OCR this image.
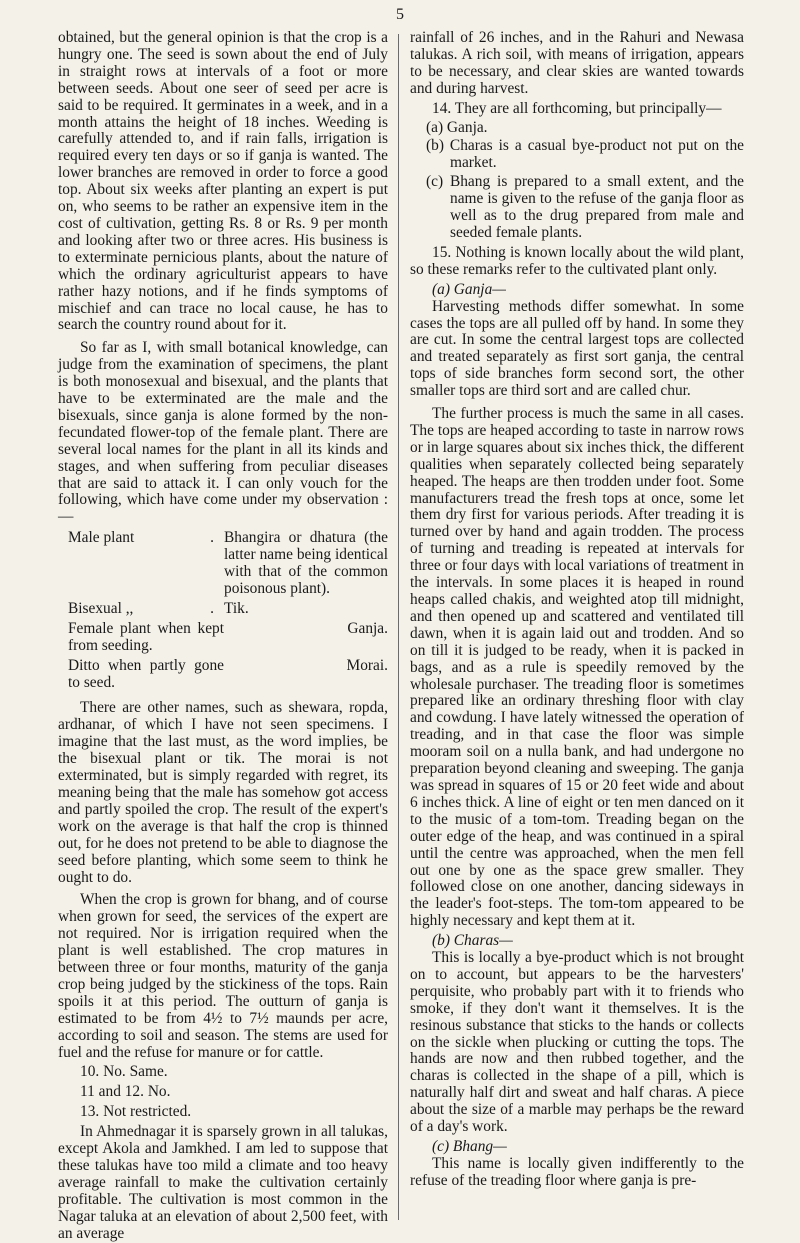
5

obtained, but the general opinion is that the crop is a hungry one. The seed is sown about the end of July in straight rows at intervals of a foot or more between seeds. About one seer of seed per acre is said to be required. It germinates in a week, and in a month attains the height of 18 inches. Weeding is carefully attended to, and if rain falls, irrigation is required every ten days or so if ganja is wanted. The lower branches are removed in order to force a good top. About six weeks after planting an expert is put on, who seems to be rather an expensive item in the cost of cultivation, getting Rs. 8 or Rs. 9 per month and looking after two or three acres. His business is to exterminate pernicious plants, about the nature of which the ordinary agriculturist appears to have rather hazy notions, and if he finds symptoms of mischief and can trace no local cause, he has to search the country round about for it.

So far as I, with small botanical knowledge, can judge from the examination of specimens, the plant is both monosexual and bisexual, and the plants that have to be exterminated are the male and the bisexuals, since ganja is alone formed by the non-fecundated flower-top of the female plant. There are several local names for the plant in all its kinds and stages, and when suffering from peculiar diseases that are said to attack it. I can only vouch for the following, which have come under my observation :—

Male plant	.	Bhangira or dhatura (the latter name being identical with that of the common poisonous plant).
Bisexual ,,	.	Tik.
Female plant when kept from seeding.		Ganja.
Ditto when partly gone to seed.		Morai.

There are other names, such as shewara, ropda, ardhanar, of which I have not seen specimens. I imagine that the last must, as the word implies, be the bisexual plant or tik. The morai is not exterminated, but is simply regarded with regret, its meaning being that the male has somehow got access and partly spoiled the crop. The result of the expert's work on the average is that half the crop is thinned out, for he does not pretend to be able to diagnose the seed before planting, which some seem to think he ought to do.

When the crop is grown for bhang, and of course when grown for seed, the services of the expert are not required. Nor is irrigation required when the plant is well established. The crop matures in between three or four months, maturity of the ganja crop being judged by the stickiness of the tops. Rain spoils it at this period. The outturn of ganja is estimated to be from 4½ to 7½ maunds per acre, according to soil and season. The stems are used for fuel and the refuse for manure or for cattle.

10. No. Same.

11 and 12. No.

13. Not restricted.

In Ahmednagar it is sparsely grown in all talukas, except Akola and Jamkhed. I am led to suppose that these talukas have too mild a climate and too heavy average rainfall to make the cultivation certainly profitable. The cultivation is most common in the Nagar taluka at an elevation of about 2,500 feet, with an average

rainfall of 26 inches, and in the Rahuri and Newasa talukas. A rich soil, with means of irrigation, appears to be necessary, and clear skies are wanted towards and during harvest.

14. They are all forthcoming, but principally—

(a) Ganja.

(b) Charas is a casual bye-product not put on the market.

(c) Bhang is prepared to a small extent, and the name is given to the refuse of the ganja floor as well as to the drug prepared from male and seeded female plants.

15. Nothing is known locally about the wild plant, so these remarks refer to the cultivated plant only.

(a) Ganja—

Harvesting methods differ somewhat. In some cases the tops are all pulled off by hand. In some they are cut. In some the central largest tops are collected and treated separately as first sort ganja, the central tops of side branches form second sort, the other smaller tops are third sort and are called chur.

The further process is much the same in all cases. The tops are heaped according to taste in narrow rows or in large squares about six inches thick, the different qualities when separately collected being separately heaped. The heaps are then trodden under foot. Some manufacturers tread the fresh tops at once, some let them dry first for various periods. After treading it is turned over by hand and again trodden. The process of turning and treading is repeated at intervals for three or four days with local variations of treatment in the intervals. In some places it is heaped in round heaps called chakis, and weighted atop till midnight, and then opened up and scattered and ventilated till dawn, when it is again laid out and trodden. And so on till it is judged to be ready, when it is packed in bags, and as a rule is speedily removed by the wholesale purchaser. The treading floor is sometimes prepared like an ordinary threshing floor with clay and cowdung. I have lately witnessed the operation of treading, and in that case the floor was simple mooram soil on a nulla bank, and had undergone no preparation beyond cleaning and sweeping. The ganja was spread in squares of 15 or 20 feet wide and about 6 inches thick. A line of eight or ten men danced on it to the music of a tom-tom. Treading began on the outer edge of the heap, and was continued in a spiral until the centre was approached, when the men fell out one by one as the space grew smaller. They followed close on one another, dancing sideways in the leader's foot-steps. The tom-tom appeared to be highly necessary and kept them at it.

(b) Charas—

This is locally a bye-product which is not brought on to account, but appears to be the harvesters' perquisite, who probably part with it to friends who smoke, if they don't want it themselves. It is the resinous substance that sticks to the hands or collects on the sickle when plucking or cutting the tops. The hands are now and then rubbed together, and the charas is collected in the shape of a pill, which is naturally half dirt and sweat and half charas. A piece about the size of a marble may perhaps be the reward of a day's work.

(c) Bhang—

This name is locally given indifferently to the refuse of the treading floor where ganja is pre-
